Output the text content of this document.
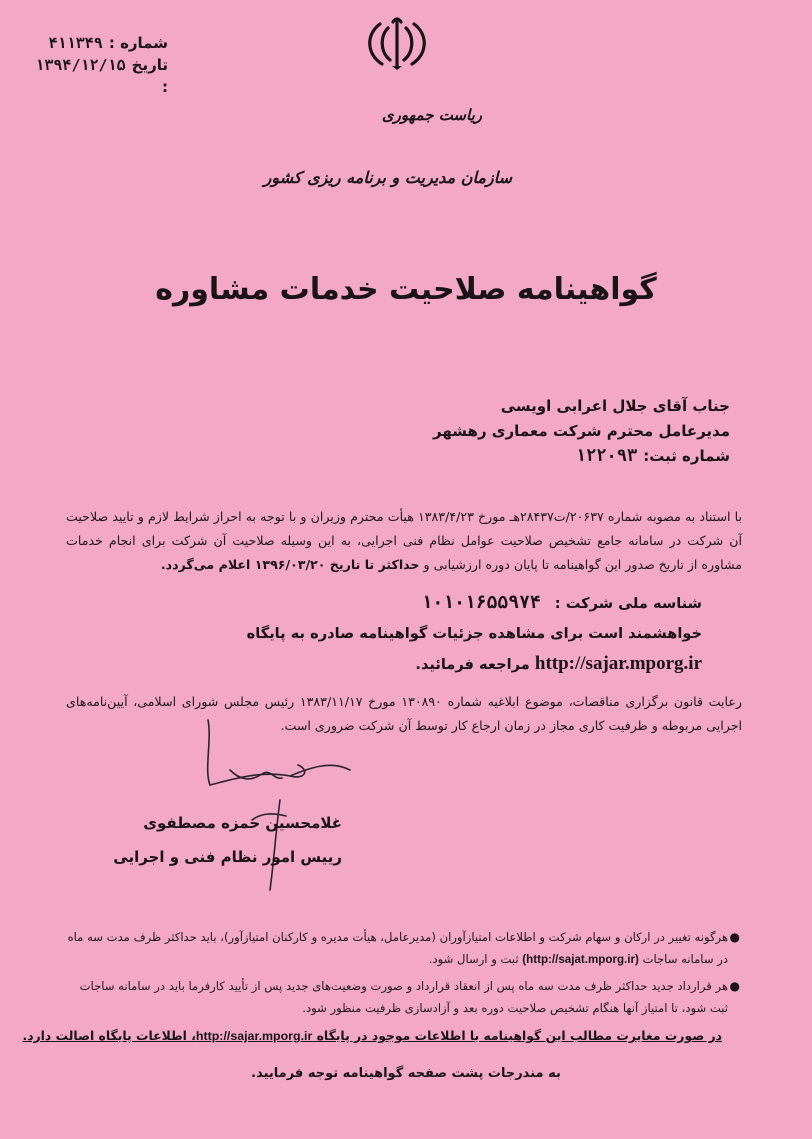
شماره :
۴۱۱۳۴۹
تاریخ :
۱۳۹۴/۱۲/۱۵
ریاست جمهوری
سازمان مدیریت و برنامه ریزی کشور
گواهینامه صلاحیت خدمات مشاوره
جناب آقای جلال اعرابی اویسی
مدیرعامل محترم شرکت معماری رهشهر
شماره ثبت:۱۲۲۰۹۳
با استناد به مصوبه شماره ۲۰۶۳۷/ت۲۸۴۳۷هـ مورخ ۱۳۸۳/۴/۲۳ هیأت محترم وزیران و با توجه به احراز شرایط لازم و تایید صلاحیت آن شرکت در سامانه جامع تشخیص صلاحیت عوامل نظام فنی اجرایی، به این وسیله صلاحیت آن شرکت برای انجام خدمات مشاوره از تاریخ صدور این گواهینامه تا پایان دوره ارزشیابی و حداکثر تا تاریخ ۱۳۹۶/۰۳/۲۰ اعلام می‌گردد.
شناسه ملی شرکت :۱۰۱۰۱۶۵۵۹۷۴
خواهشمند است برای مشاهده جزئیات گواهینامه صادره به پایگاه
http://sajar.mporg.ir مراجعه فرمائید.
رعایت قانون برگزاری مناقصات، موضوع ابلاغیه شماره ۱۳۰۸۹۰ مورخ ۱۳۸۳/۱۱/۱۷ رئیس مجلس شورای اسلامی، آیین‌نامه‌های اجرایی مربوطه و ظرفیت کاری مجاز در زمان ارجاع کار توسط آن شرکت ضروری است.
غلامحسین حمزه مصطفوی
رییس امور نظام فنی و اجرایی
●
هرگونه تغییر در ارکان و سهام شرکت و اطلاعات امتیازآوران (مدیرعامل، هیأت مدیره و کارکنان امتیازآور)، باید حداکثر ظرف مدت سه ماه در سامانه ساجات (http://sajat.mporg.ir) ثبت و ارسال شود.
●
هر قرارداد جدید حداکثر ظرف مدت سه ماه پس از انعقاد قرارداد و صورت وضعیت‌های جدید پس از تأیید کارفرما باید در سامانه ساجات ثبت شود، تا امتیاز آنها هنگام تشخیص صلاحیت دوره بعد و آزادسازی ظرفیت منظور شود.
در صورت مغایرت مطالب این گواهینامه با اطلاعات موجود در پایگاه http://sajar.mporg.ir، اطلاعات پایگاه اصالت دارد.
به مندرجات پشت صفحه گواهینامه توجه فرمایید.
